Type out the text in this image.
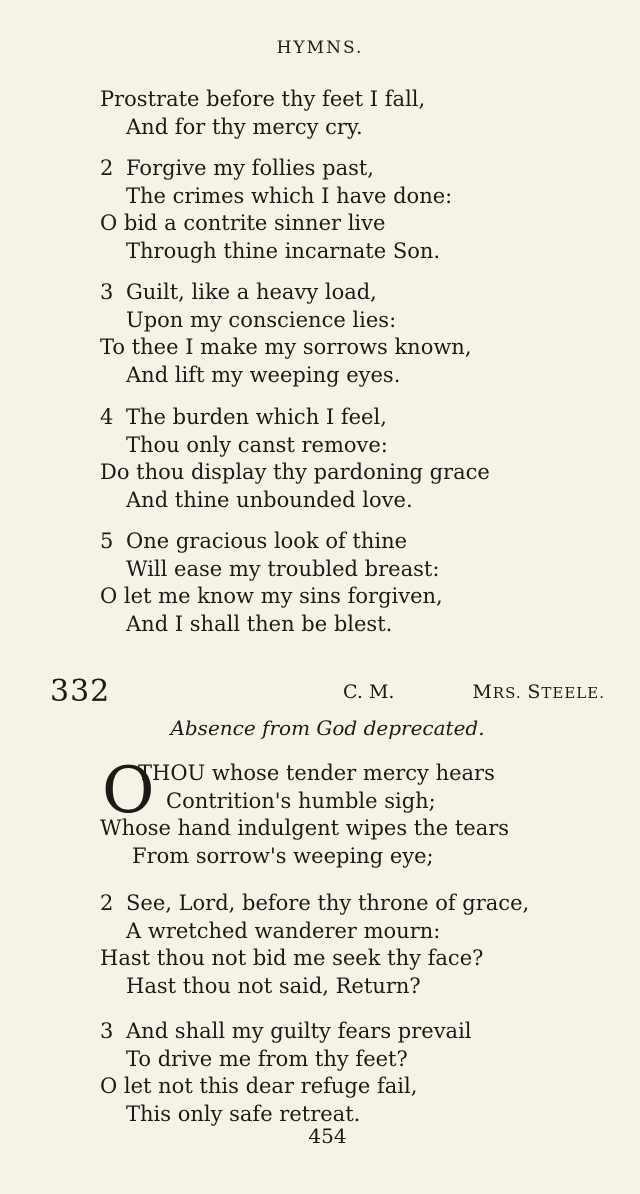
HYMNS.
Prostrate before thy feet I fall,
And for thy mercy cry.
2 Forgive my follies past,
The crimes which I have done:
O bid a contrite sinner live
Through thine incarnate Son.
3 Guilt, like a heavy load,
Upon my conscience lies:
To thee I make my sorrows known,
And lift my weeping eyes.
4 The burden which I feel,
Thou only canst remove:
Do thou display thy pardoning grace
And thine unbounded love.
5 One gracious look of thine
Will ease my troubled breast:
O let me know my sins forgiven,
And I shall then be blest.
332	C. M.	MRS. STEELE.
Absence from God deprecated.
O
THOU whose tender mercy hears
Contrition's humble sigh;
Whose hand indulgent wipes the tears
From sorrow's weeping eye;
2 See, Lord, before thy throne of grace,
A wretched wanderer mourn:
Hast thou not bid me seek thy face?
Hast thou not said, Return?
3 And shall my guilty fears prevail
To drive me from thy feet?
O let not this dear refuge fail,
This only safe retreat.
454
